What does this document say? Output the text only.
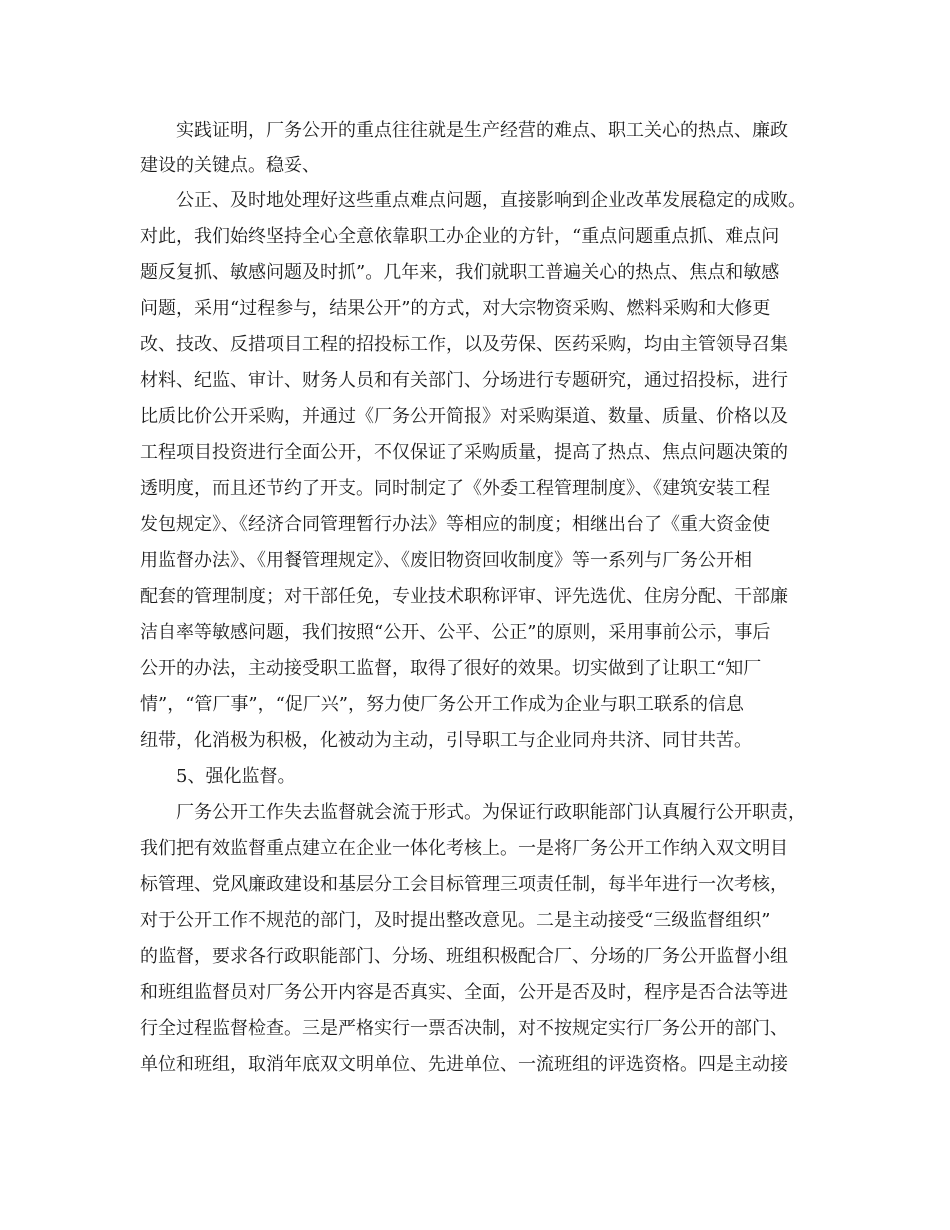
实践证明，厂务公开的重点往往就是生产经营的难点、职工关心的热点、廉政
建设的关键点。稳妥、
公正、及时地处理好这些重点难点问题，直接影响到企业改革发展稳定的成败。
对此，我们始终坚持全心全意依靠职工办企业的方针，“重点问题重点抓、难点问
题反复抓、敏感问题及时抓”。几年来，我们就职工普遍关心的热点、焦点和敏感
问题，采用“过程参与，结果公开”的方式，对大宗物资采购、燃料采购和大修更
改、技改、反措项目工程的招投标工作，以及劳保、医药采购，均由主管领导召集
材料、纪监、审计、财务人员和有关部门、分场进行专题研究，通过招投标，进行
比质比价公开采购，并通过《厂务公开简报》对采购渠道、数量、质量、价格以及
工程项目投资进行全面公开，不仅保证了采购质量，提高了热点、焦点问题决策的
透明度，而且还节约了开支。同时制定了《外委工程管理制度》、《建筑安装工程
发包规定》、《经济合同管理暂行办法》等相应的制度；相继出台了《重大资金使
用监督办法》、《用餐管理规定》、《废旧物资回收制度》等一系列与厂务公开相
配套的管理制度；对干部任免，专业技术职称评审、评先选优、住房分配、干部廉
洁自率等敏感问题，我们按照“公开、公平、公正”的原则，采用事前公示，事后
公开的办法，主动接受职工监督，取得了很好的效果。切实做到了让职工“知厂
情”，“管厂事”，“促厂兴”，努力使厂务公开工作成为企业与职工联系的信息
纽带，化消极为积极，化被动为主动，引导职工与企业同舟共济、同甘共苦。
5、强化监督。
厂务公开工作失去监督就会流于形式。为保证行政职能部门认真履行公开职责，
我们把有效监督重点建立在企业一体化考核上。一是将厂务公开工作纳入双文明目
标管理、党风廉政建设和基层分工会目标管理三项责任制，每半年进行一次考核，
对于公开工作不规范的部门，及时提出整改意见。二是主动接受“三级监督组织”
的监督，要求各行政职能部门、分场、班组积极配合厂、分场的厂务公开监督小组
和班组监督员对厂务公开内容是否真实、全面，公开是否及时，程序是否合法等进
行全过程监督检查。三是严格实行一票否决制，对不按规定实行厂务公开的部门、
单位和班组，取消年底双文明单位、先进单位、一流班组的评选资格。四是主动接
